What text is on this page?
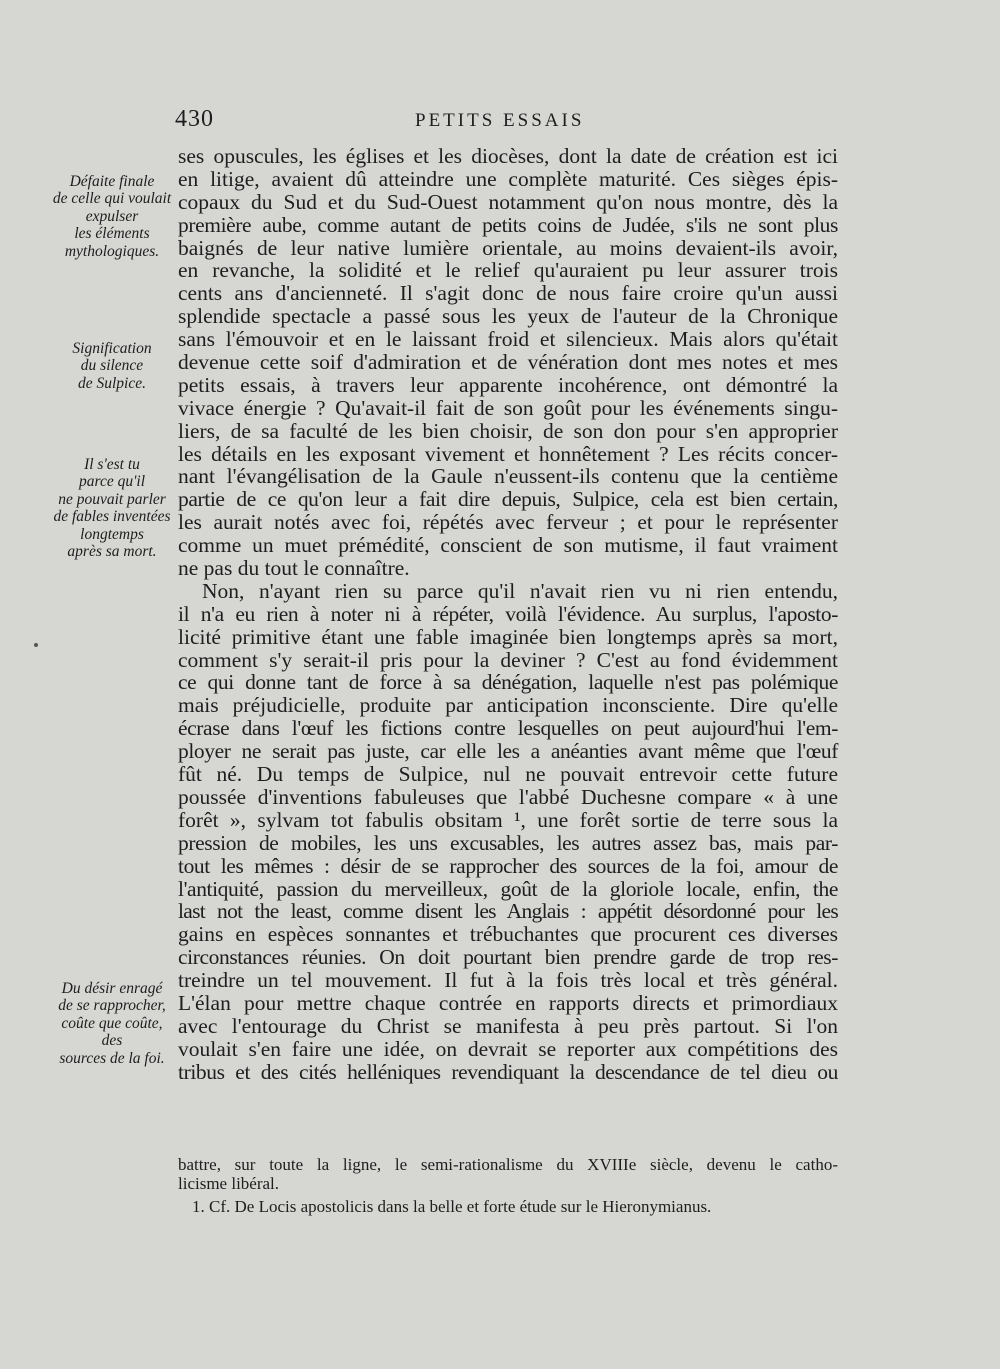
430	PETITS ESSAIS
Défaite finale
de celle qui voulait
expulser
les éléments
mythologiques.
Signification
du silence
de Sulpice.
Il s'est tu
parce qu'il
ne pouvait parler
de fables inventées
longtemps
après sa mort.
Du désir enragé
de se rapprocher,
coûte que coûte,
des
sources de la foi.
ses opuscules, les églises et les diocèses, dont la date de création est ici
en litige, avaient dû atteindre une complète maturité. Ces sièges épis-
copaux du Sud et du Sud-Ouest notamment qu'on nous montre, dès la
première aube, comme autant de petits coins de Judée, s'ils ne sont plus
baignés de leur native lumière orientale, au moins devaient-ils avoir,
en revanche, la solidité et le relief qu'auraient pu leur assurer trois
cents ans d'ancienneté. Il s'agit donc de nous faire croire qu'un aussi
splendide spectacle a passé sous les yeux de l'auteur de la Chronique
sans l'émouvoir et en le laissant froid et silencieux. Mais alors qu'était
devenue cette soif d'admiration et de vénération dont mes notes et mes
petits essais, à travers leur apparente incohérence, ont démontré la
vivace énergie ? Qu'avait-il fait de son goût pour les événements singu-
liers, de sa faculté de les bien choisir, de son don pour s'en approprier
les détails en les exposant vivement et honnêtement ? Les récits concer-
nant l'évangélisation de la Gaule n'eussent-ils contenu que la centième
partie de ce qu'on leur a fait dire depuis, Sulpice, cela est bien certain,
les aurait notés avec foi, répétés avec ferveur ; et pour le représenter
comme un muet prémédité, conscient de son mutisme, il faut vraiment
ne pas du tout le connaître.
Non, n'ayant rien su parce qu'il n'avait rien vu ni rien entendu,
il n'a eu rien à noter ni à répéter, voilà l'évidence. Au surplus, l'aposto-
licité primitive étant une fable imaginée bien longtemps après sa mort,
comment s'y serait-il pris pour la deviner ? C'est au fond évidemment
ce qui donne tant de force à sa dénégation, laquelle n'est pas polémique
mais préjudicielle, produite par anticipation inconsciente. Dire qu'elle
écrase dans l'œuf les fictions contre lesquelles on peut aujourd'hui l'em-
ployer ne serait pas juste, car elle les a anéanties avant même que l'œuf
fût né. Du temps de Sulpice, nul ne pouvait entrevoir cette future
poussée d'inventions fabuleuses que l'abbé Duchesne compare « à une
forêt », sylvam tot fabulis obsitam ¹, une forêt sortie de terre sous la
pression de mobiles, les uns excusables, les autres assez bas, mais par-
tout les mêmes : désir de se rapprocher des sources de la foi, amour de
l'antiquité, passion du merveilleux, goût de la gloriole locale, enfin, the
last not the least, comme disent les Anglais : appétit désordonné pour les
gains en espèces sonnantes et trébuchantes que procurent ces diverses
circonstances réunies. On doit pourtant bien prendre garde de trop res-
treindre un tel mouvement. Il fut à la fois très local et très général.
L'élan pour mettre chaque contrée en rapports directs et primordiaux
avec l'entourage du Christ se manifesta à peu près partout. Si l'on
voulait s'en faire une idée, on devrait se reporter aux compétitions des
tribus et des cités helléniques revendiquant la descendance de tel dieu ou
battre, sur toute la ligne, le semi-rationalisme du XVIIIe siècle, devenu le catho-
licisme libéral.
1. Cf. De Locis apostolicis dans la belle et forte étude sur le Hieronymianus.
